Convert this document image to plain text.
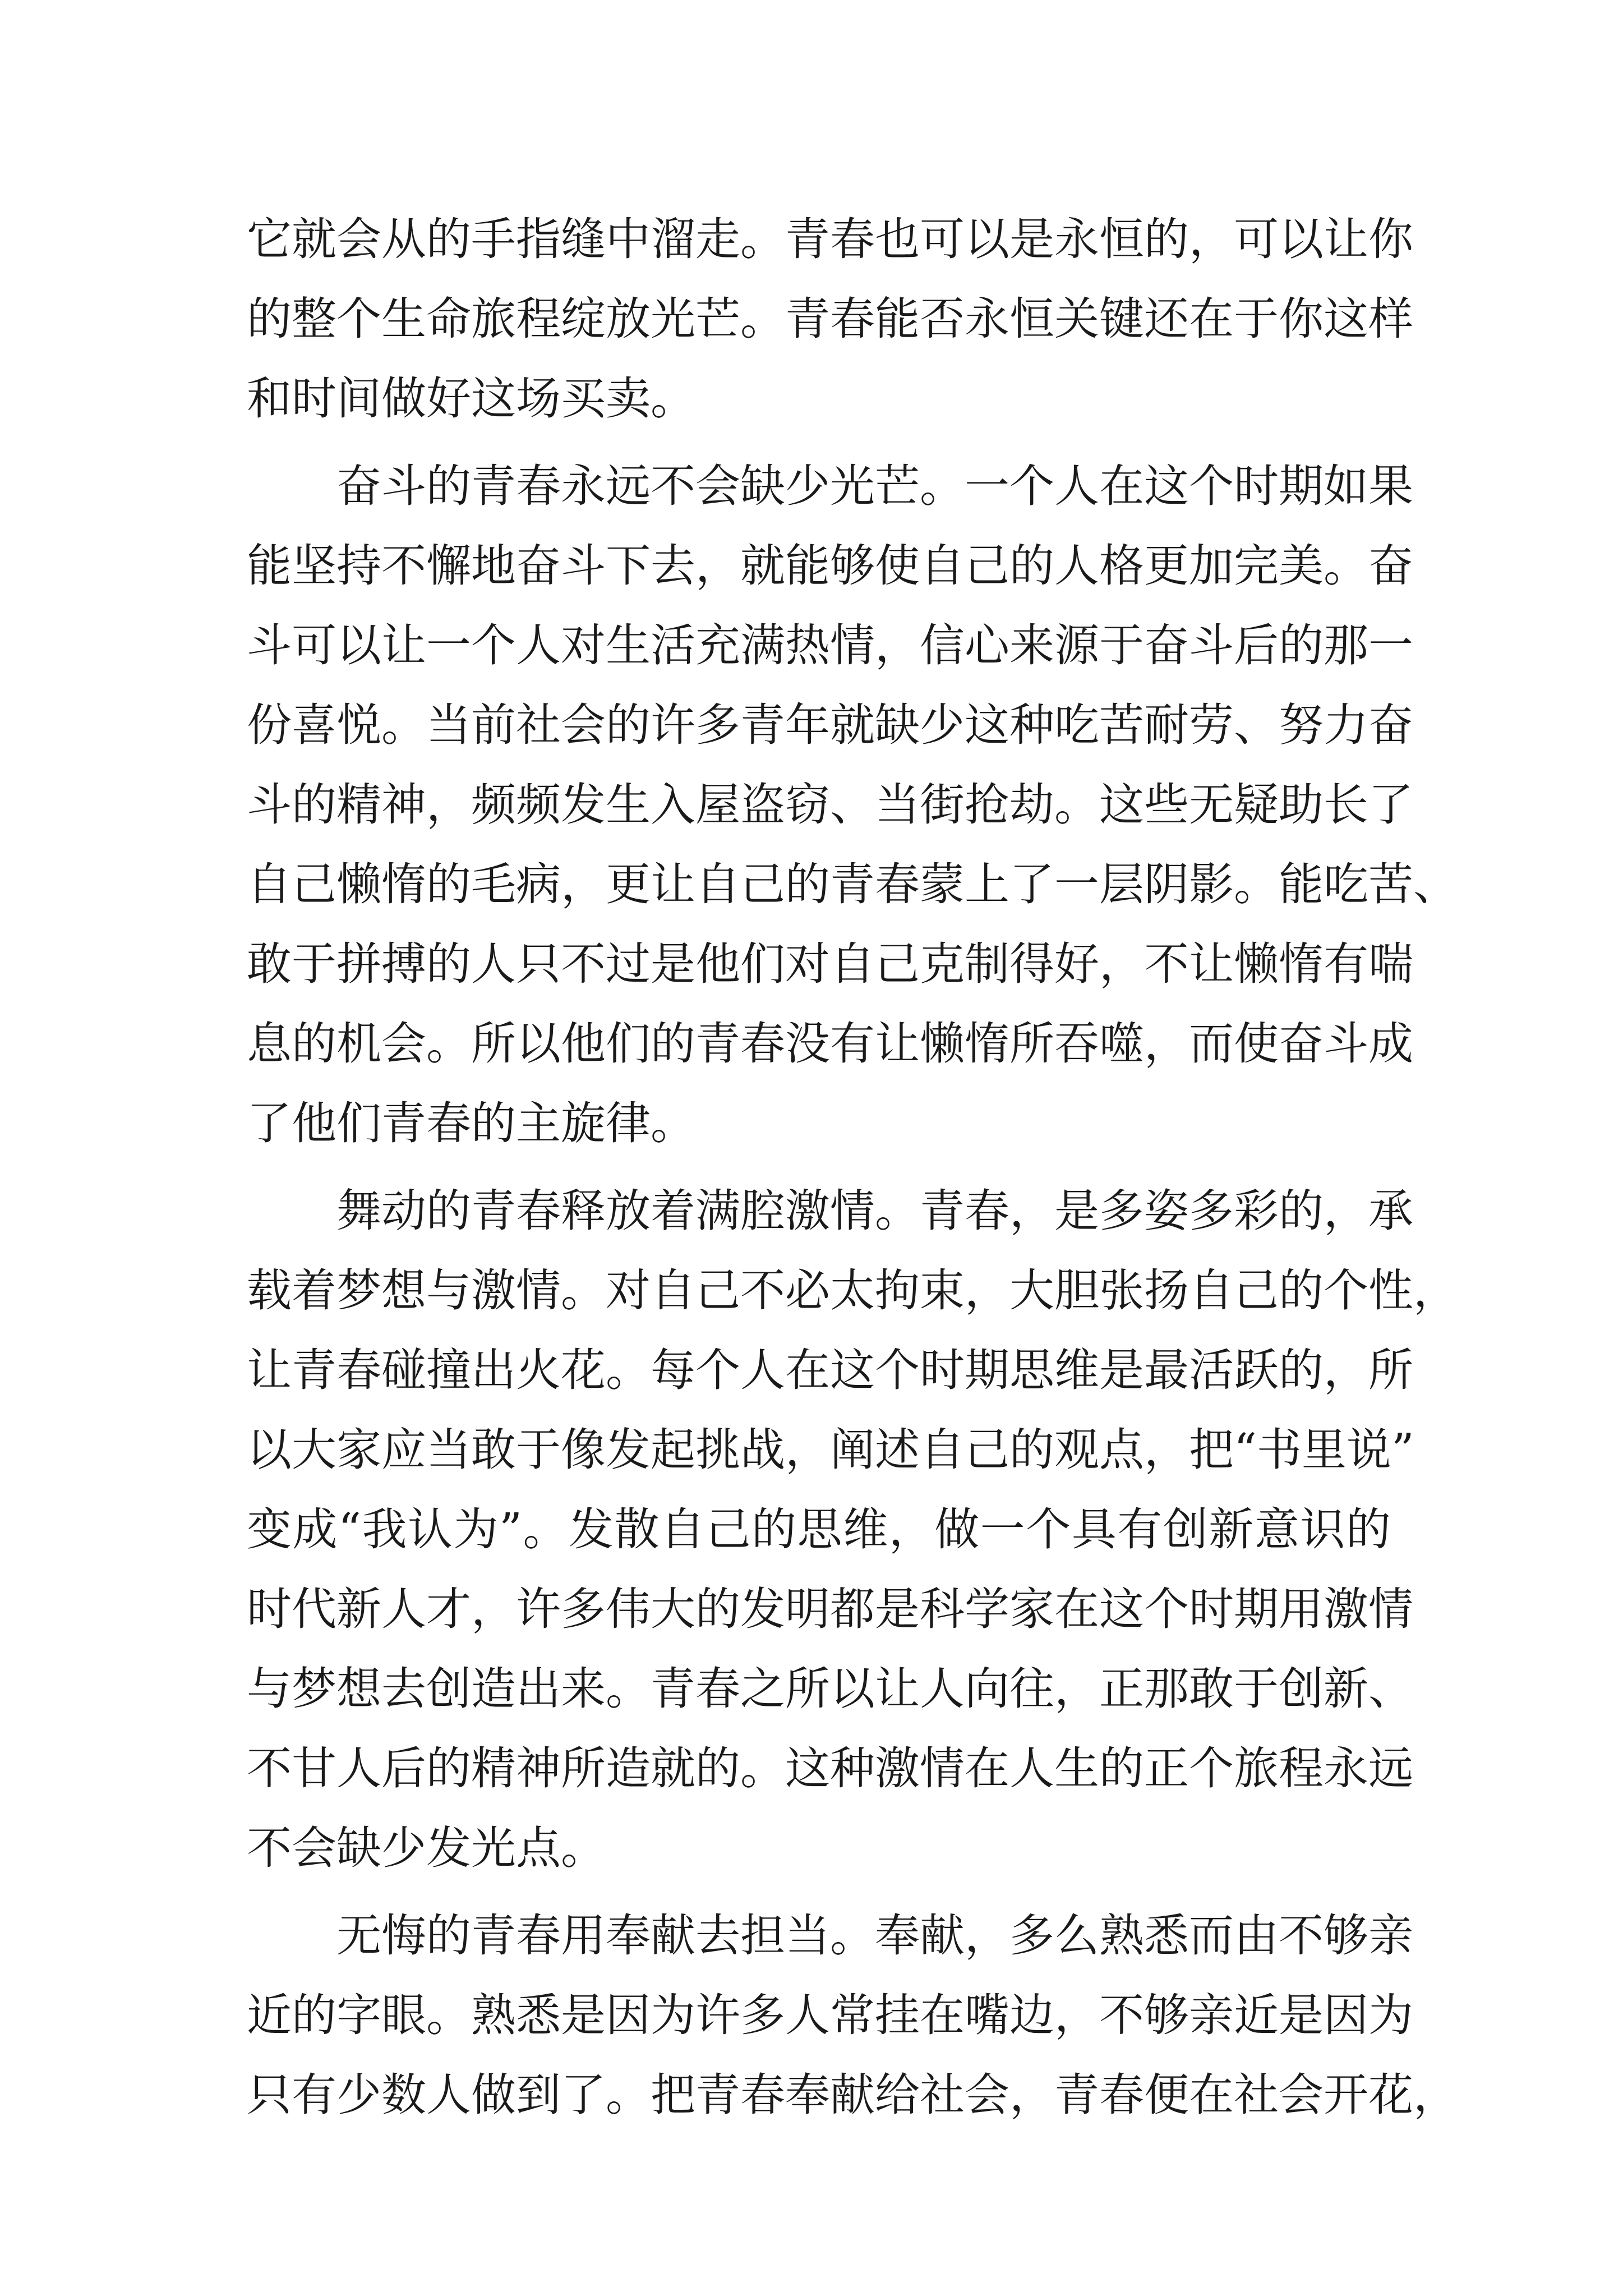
它就会从的手指缝中溜走。青春也可以是永恒的，可以让你
的整个生命旅程绽放光芒。青春能否永恒关键还在于你这样
和时间做好这场买卖。
奋斗的青春永远不会缺少光芒。一个人在这个时期如果
能坚持不懈地奋斗下去，就能够使自己的人格更加完美。奋
斗可以让一个人对生活充满热情，信心来源于奋斗后的那一
份喜悦。当前社会的许多青年就缺少这种吃苦耐劳、努力奋
斗的精神，频频发生入屋盗窃、当街抢劫。这些无疑助长了
自己懒惰的毛病，更让自己的青春蒙上了一层阴影。能吃苦、
敢于拼搏的人只不过是他们对自己克制得好，不让懒惰有喘
息的机会。所以他们的青春没有让懒惰所吞噬，而使奋斗成
了他们青春的主旋律。
舞动的青春释放着满腔激情。青春，是多姿多彩的，承
载着梦想与激情。对自己不必太拘束，大胆张扬自己的个性，
让青春碰撞出火花。每个人在这个时期思维是最活跃的，所
以大家应当敢于像发起挑战，阐述自己的观点，把“书里说”
变成“我认为”。发散自己的思维，做一个具有创新意识的
时代新人才，许多伟大的发明都是科学家在这个时期用激情
与梦想去创造出来。青春之所以让人向往，正那敢于创新、
不甘人后的精神所造就的。这种激情在人生的正个旅程永远
不会缺少发光点。
无悔的青春用奉献去担当。奉献，多么熟悉而由不够亲
近的字眼。熟悉是因为许多人常挂在嘴边，不够亲近是因为
只有少数人做到了。把青春奉献给社会，青春便在社会开花，
